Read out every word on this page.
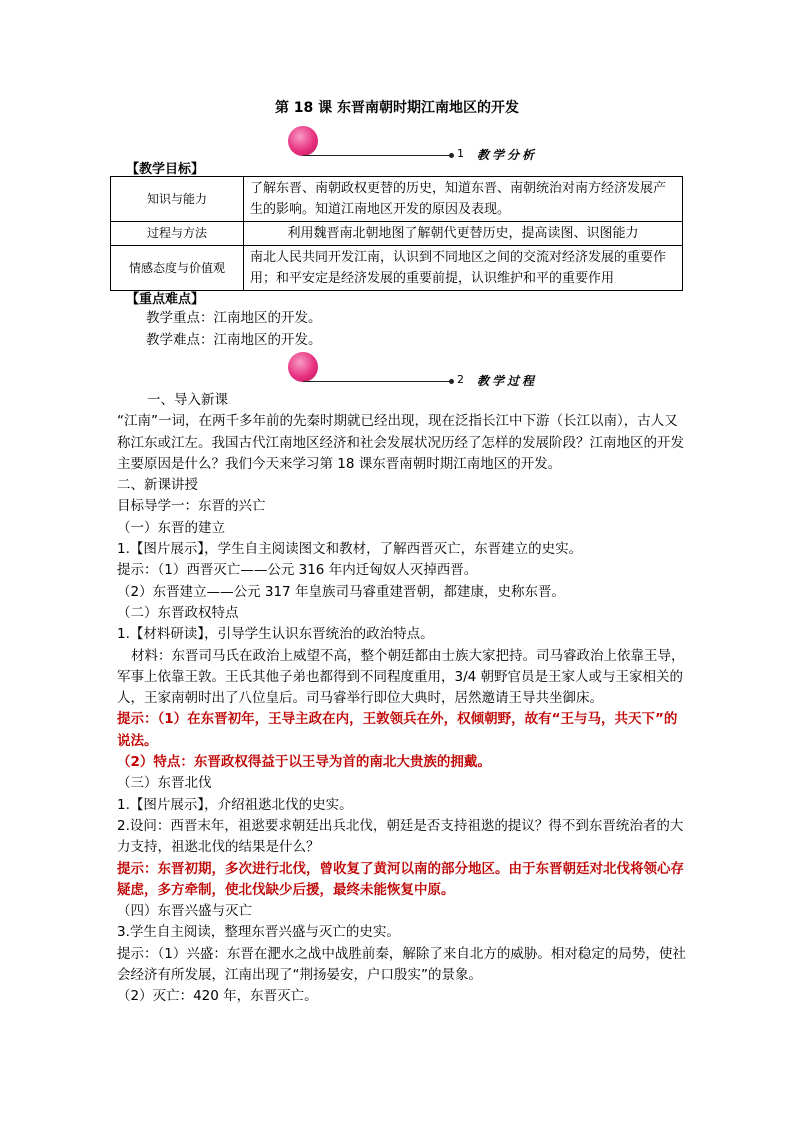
第 18 课 东晋南朝时期江南地区的开发
1 教学分析
【教学目标】
知识与能力	了解东晋、南朝政权更替的历史，知道东晋、南朝统治对南方经济发展产生的影响。知道江南地区开发的原因及表现。
过程与方法	利用魏晋南北朝地图了解朝代更替历史，提高读图、识图能力
情感态度与价值观	南北人民共同开发江南，认识到不同地区之间的交流对经济发展的重要作用；和平安定是经济发展的重要前提，认识维护和平的重要作用
【重点难点】
教学重点：江南地区的开发。
教学难点：江南地区的开发。
2 教学过程

一、导入新课

“江南”一词，在两千多年前的先秦时期就已经出现，现在泛指长江中下游（长江以南），古人又称江东或江左。我国古代江南地区经济和社会发展状况历经了怎样的发展阶段？江南地区的开发主要原因是什么？我们今天来学习第 18 课东晋南朝时期江南地区的开发。

二、新课讲授

目标导学一：东晋的兴亡

（一）东晋的建立

1.【图片展示】，学生自主阅读图文和教材，了解西晋灭亡，东晋建立的史实。

提示：（1）西晋灭亡——公元 316 年内迁匈奴人灭掉西晋。

（2）东晋建立——公元 317 年皇族司马睿重建晋朝，都建康，史称东晋。

（二）东晋政权特点

1.【材料研读】，引导学生认识东晋统治的政治特点。

材料：东晋司马氏在政治上威望不高，整个朝廷都由士族大家把持。司马睿政治上依靠王导，军事上依靠王敦。王氏其他子弟也都得到不同程度重用，3/4 朝野官员是王家人或与王家相关的人，王家南朝时出了八位皇后。司马睿举行即位大典时，居然邀请王导共坐御床。

提示：（1）在东晋初年，王导主政在内，王敦领兵在外，权倾朝野，故有“王与马，共天下”的说法。

（2）特点：东晋政权得益于以王导为首的南北大贵族的拥戴。

（三）东晋北伐

1.【图片展示】，介绍祖逖北伐的史实。

2.设问：西晋末年，祖逖要求朝廷出兵北伐，朝廷是否支持祖逖的提议？得不到东晋统治者的大力支持，祖逖北伐的结果是什么？

提示：东晋初期，多次进行北伐，曾收复了黄河以南的部分地区。由于东晋朝廷对北伐将领心存疑虑，多方牵制，使北伐缺少后援，最终未能恢复中原。

（四）东晋兴盛与灭亡

3.学生自主阅读，整理东晋兴盛与灭亡的史实。

提示：（1）兴盛：东晋在淝水之战中战胜前秦，解除了来自北方的威胁。相对稳定的局势，使社会经济有所发展，江南出现了“荆扬晏安，户口殷实”的景象。

（2）灭亡：420 年，东晋灭亡。
